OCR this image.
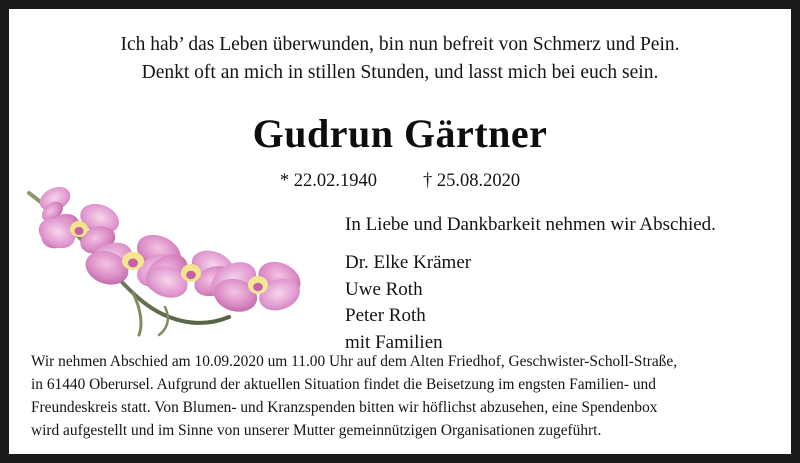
Ich hab’ das Leben überwunden, bin nun befreit von Schmerz und Pein.
Denkt oft an mich in stillen Stunden, und lasst mich bei euch sein.
Gudrun Gärtner
* 22.02.1940 † 25.08.2020
In Liebe und Dankbarkeit nehmen wir Abschied.
Dr. Elke Krämer
Uwe Roth
Peter Roth
mit Familien
Wir nehmen Abschied am 10.09.2020 um 11.00 Uhr auf dem Alten Friedhof, Geschwister-Scholl-Straße,
in 61440 Oberursel. Aufgrund der aktuellen Situation findet die Beisetzung im engsten Familien- und
Freundeskreis statt. Von Blumen- und Kranzspenden bitten wir höflichst abzusehen, eine Spendenbox
wird aufgestellt und im Sinne von unserer Mutter gemeinnützigen Organisationen zugeführt.
